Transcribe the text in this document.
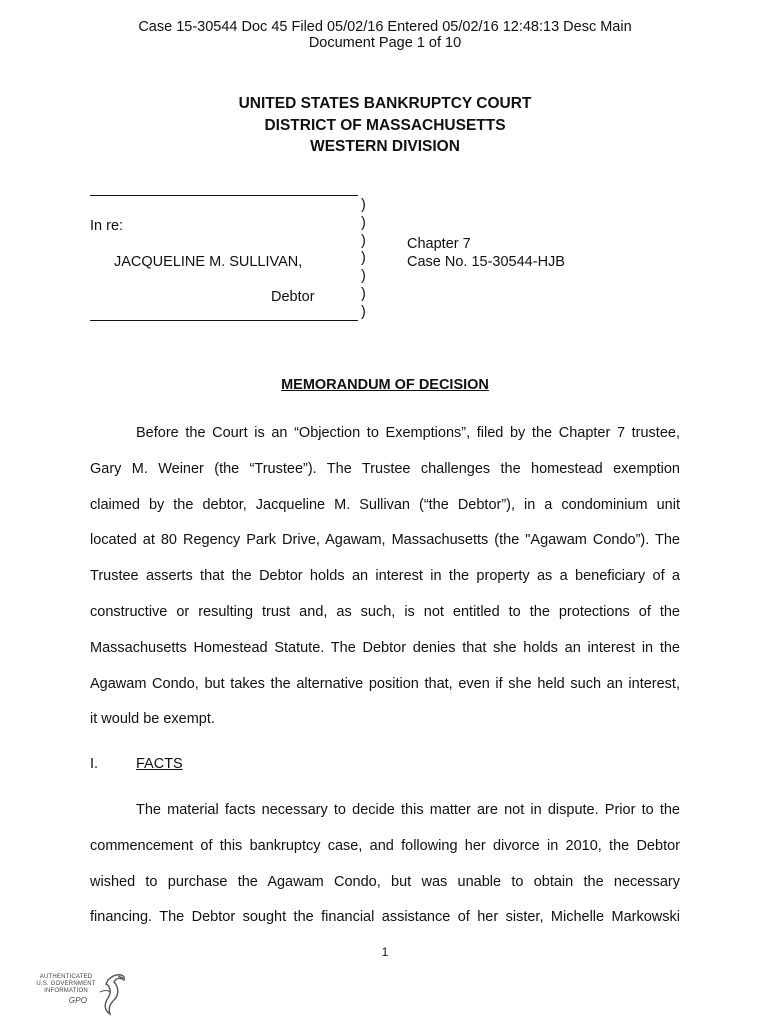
Case 15-30544 Doc 45 Filed 05/02/16 Entered 05/02/16 12:48:13 Desc Main
Document Page 1 of 10
UNITED STATES BANKRUPTCY COURT
DISTRICT OF MASSACHUSETTS
WESTERN DIVISION
In re:
JACQUELINE M. SULLIVAN,
Debtor
)
)
)
)
)
)
)
Chapter 7
Case No. 15-30544-HJB
MEMORANDUM OF DECISION
Before the Court is an “Objection to Exemptions”, filed by the Chapter 7 trustee,
Gary M. Weiner (the “Trustee”). The Trustee challenges the homestead exemption
claimed by the debtor, Jacqueline M. Sullivan (“the Debtor”), in a condominium unit
located at 80 Regency Park Drive, Agawam, Massachusetts (the "Agawam Condo”). The
Trustee asserts that the Debtor holds an interest in the property as a beneficiary of a
constructive or resulting trust and, as such, is not entitled to the protections of the
Massachusetts Homestead Statute. The Debtor denies that she holds an interest in the
Agawam Condo, but takes the alternative position that, even if she held such an interest,
it would be exempt.
I.	FACTS
The material facts necessary to decide this matter are not in dispute. Prior to the
commencement of this bankruptcy case, and following her divorce in 2010, the Debtor
wished to purchase the Agawam Condo, but was unable to obtain the necessary
financing. The Debtor sought the financial assistance of her sister, Michelle Markowski
1
AUTHENTICATED
U.S. GOVERNMENT
INFORMATION
GPO
